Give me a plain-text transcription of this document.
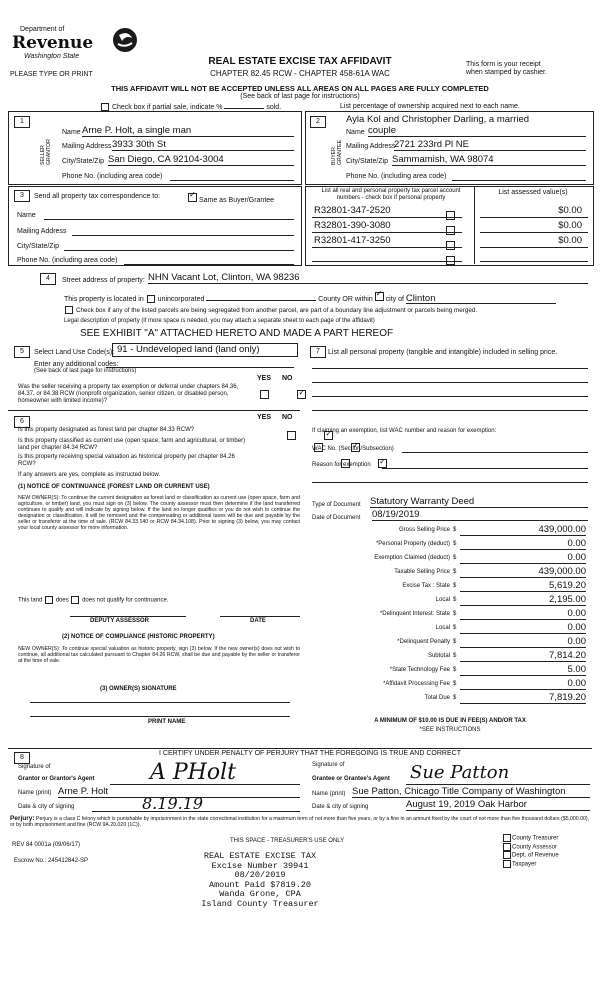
Department of
Revenue
Washington State
PLEASE TYPE OR PRINT
REAL ESTATE EXCISE TAX AFFIDAVIT
CHAPTER 82.45 RCW - CHAPTER 458-61A WAC
This form is your receipt
when stamped by cashier.
THIS AFFIDAVIT WILL NOT BE ACCEPTED UNLESS ALL AREAS ON ALL PAGES ARE FULLY COMPLETED
(See back of last page for instructions)
Check box if partial sale, indicate %	sold.	List percentage of ownership acquired next to each name.
1	2
SELLER GRANTOR	BUYER GRANTEE
Name Arne P. Holt, a single man
Mailing Address 3933 30th St
City/State/Zip San Diego, CA 92104-3004
Phone No. (including area code)
Ayla Kol and Christopher Darling, a married
Name couple
Mailing Address
2721 233rd Pl NE
City/State/Zip Sammamish, WA 98074
Phone No. (including area code)
3	Send all property tax correspondence to:
✓ Same as Buyer/Grantee
Name
Mailing Address
City/State/Zip
Phone No. (including area code)
List all real and personal property tax parcel account numbers - check box if personal property
List assessed value(s)
R32801-347-2520	$0.00
R32801-390-3080	$0.00
R32801-417-3250	$0.00
4	Street address of property: NHN Vacant Lot, Clinton, WA 98236
This property is located in unincorporated	County OR within ✓ city of Clinton
Check box if any of the listed parcels are being segregated from another parcel, are part of a boundary line adjustment or parcels being merged.
Legal description of property (if more space is needed, you may attach a separate sheet to each page of the affidavit)
SEE EXHIBIT "A" ATTACHED HERETO AND MADE A PART HEREOF
5	Select Land Use Code(s): 91 - Undeveloped land (land only)
Enter any additional codes:
(See back of last page for instructions)
YES NO
Was the seller receiving a property tax exemption or deferral under chapters 84.36, 84.37, or 84.38 RCW (nonprofit organization, senior citizen, or disabled person, homeowner with limited income)?
✓
7	List all personal property (tangible and intangible) included in selling price.
6
YES NO
Is this property designated as forest land per chapter 84.33 RCW?
✓
Is this property classified as current use (open space, farm and agricultural, or timber) land per chapter 84.34 RCW?
✓
Is this property receiving special valuation as historical property per chapter 84.26 RCW?
✓
If any answers are yes, complete as instructed below.
(1) NOTICE OF CONTINUANCE (FOREST LAND OR CURRENT USE)
NEW OWNER(S): To continue the current designation as forest land or classification as current use (open space, farm and agriculture, or timber) land, you must sign on (3) below. The county assessor must then determine if the land transferred continues to qualify and will indicate by signing below. If the land no longer qualifies or you do not wish to continue the designation or classification, it will be removed and the compensating or additional taxes will be due and payable by the seller or transferor at the time of sale. (RCW 84.33.140 or RCW 84.34.108). Prior to signing (3) below, you may contact your local county assessor for more information.
This land does does not qualify for continuance.
DEPUTY ASSESSOR	DATE
(2) NOTICE OF COMPLIANCE (HISTORIC PROPERTY)
NEW OWNER(S): To continue special valuation as historic property, sign (3) below. If the new owner(s) does not wish to continue, all additional tax calculated pursuant to Chapter 84.26 RCW, shall be due and payable by the seller or transferor at the time of sale.
(3) OWNER(S) SIGNATURE
PRINT NAME
If claiming an exemption, list WAC number and reason for exemption:
WAC No. (Section/Subsection)
Reason for exemption
Type of Document Statutory Warranty Deed
Date of Document 08/19/2019
Gross Selling Price $	439,000.00
*Personal Property (deduct) $	0.00
Exemption Claimed (deduct) $	0.00
Taxable Selling Price $	439,000.00
Excise Tax : State $	5,619.20
Local $	2,195.00
*Delinquent Interest: State $	0.00
Local $	0.00
*Delinquent Penalty $	0.00
Subtotal $	7,814.20
*State Technology Fee $	5.00
*Affidavit Processing Fee $	0.00
Total Due $	7,819.20
A MINIMUM OF $10.00 IS DUE IN FEE(S) AND/OR TAX
*SEE INSTRUCTIONS
8
I CERTIFY UNDER PENALTY OF PERJURY THAT THE FOREGOING IS TRUE AND CORRECT
Signature of
Grantor or Grantor's Agent	A PHolt
Name (print) Arne P. Holt
Date & city of signing	8.19.19
Signature of
Grantee or Grantee's Agent Sue Patton
Name (print) Sue Patton, Chicago Title Company of Washington
Date & city of signing	August 19, 2019 Oak Harbor
Perjury: Perjury is a class C felony which is punishable by imprisonment in the state correctional institution for a maximum term of not more than five years, or by a fine in an amount fixed by the court of not more than five thousand dollars ($5,000.00), or by both imprisonment and fine (RCW 9A.20.020 (1C)).
REV 84 0001a (09/06/17)
THIS SPACE - TREASURER'S USE ONLY
Escrow No.: 245412842-SP	REAL ESTATE EXCISE TAX
Excise Number 39941
08/20/2019
Amount Paid $7819.20
Wanda Grone, CPA
Island County Treasurer
County Treasurer
County Assessor
Dept. of Revenue
Taxpayer
